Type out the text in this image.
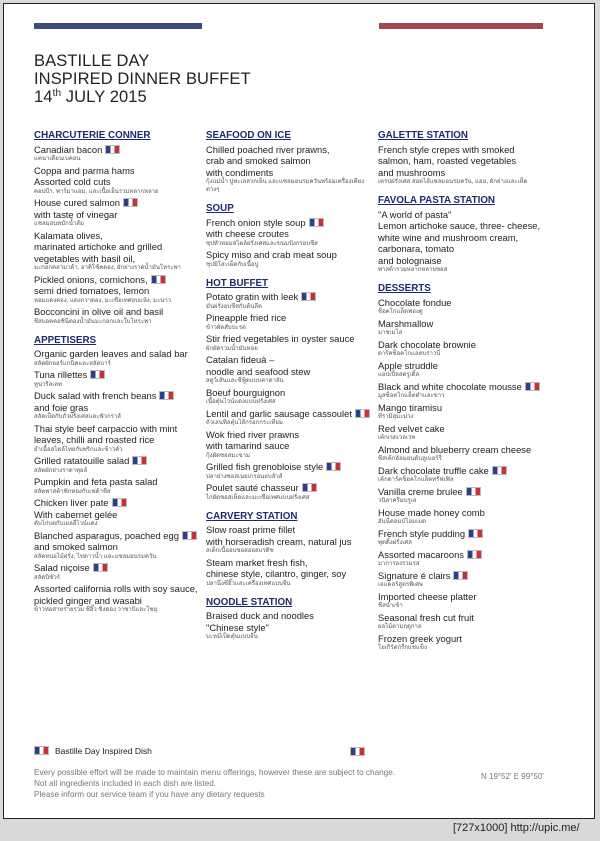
BASTILLE DAY
INSPIRED DINNER BUFFET
14th JULY 2015
CHARCUTERIE CONNER
Canadian bacon
แคนาเดียนเบคอน
Coppa and parma hams
Assorted cold cuts
คอปป้า, พาร์มาแฮม, และเนื้อเย็นรวมหลากหลาย
House cured salmon
with taste of vinegar
แซลมอนหมักน้ำส้ม
Kalamata olives,
marinated artichoke and grilled
vegetables with basil oil,
มะกอกคลามาต้า, อาติโช้คดอง, ผักย่างราดน้ำมันโหระพา
Pickled onions, cornichons,
semi dried tomatoes, lemon
หอมแดงดอง, แตงกวาดอง, มะเขือเทศอบแห้ง, มะนาว
Bocconcini in olive oil and basil
ชีสบอคคอชินีดองน้ำมันมะกอกและใบโหระพา
APPETISERS
Organic garden leaves and salad bar
สลัดผักออร์แกนิคและสลัดบาร์
Tuna rillettes
ทูน่าริลเลท
Duck salad with french beans
and foie gras
สลัดเป็ดกับถั่วฝรั่งเศสและฟัวกราส์
Thai style beef carpaccio with mint
leaves, chilli and roasted rice
ยำเนื้อสไตล์ไทยกับพริกและข้าวคั่ว
Grilled ratatouille salad
สลัดผักย่างราตาทุยล์
Pumpkin and feta pasta salad
สลัดพาสต้าฟักทองกับเฟต้าชีส
Chicken liver pate
With cabernet gelée
ตับไก่บดกับเยลลี่ไวน์แดง
Blanched asparagus, poached egg
and smoked salmon
สลัดหน่อไม้ฝรั่ง, ไข่ดาวน้ำ และแซลมอนรมควัน
Salad niçoise
สลัดนิซัวร์
Assorted california rolls with soy sauce,
pickled ginger and wasabi
ข้าวห่อสาหร่ายรวม ซีอิ๊ว ขิงดอง วาซาบิและโชยุ
SEAFOOD ON ICE
Chilled poached river prawns,
crab and smoked salmon
with condiments
กุ้งแม่น้ำ ปูทะเลลวกเย็น และแซลมอนรมควันพร้อมเครื่องเคียงต่างๆ
SOUP
French onion style soup
with cheese croutes
ซุปหัวหอมสไตล์ฝรั่งเศสและขนมปังกรอบชีส
Spicy miso and crab meat soup
ซุปมิโสะเผ็ดกับเนื้อปู
HOT BUFFET
Potato gratin with leek
มันฝรั่งอบชีสกับต้นลีค
Pineapple fried rice
ข้าวผัดสับปะรด
Stir fried vegetables in oyster sauce
ผักผัดรวมน้ำมันหอย
Catalan fideuà –
noodle and seafood stew
สตูว์เส้นและซีฟู้ดแบบคาตาลัน
Boeuf bourguignon
เนื้อตุ๋นไวน์แดงแบบฝรั่งเศส
Lentil and garlic sausage cassoulet
ถั่วเลนทิลตุ๋นไส้กรอกกระเทียม
Wok fried river prawns
with tamarind sauce
กุ้งผัดซอสมะขาม
Grilled fish grenobloise style
ปลาย่างซอสเนยเกรอนอบลัวส์
Poulet sauté chasseur
ไก่ผัดซอสเห็ดและมะเขือเทศแบบฝรั่งเศส
CARVERY STATION
Slow roast prime fillet
with horseradish cream, natural jus
สเต็กเนื้ออบซอสฮอสแรดิช
Steam market fresh fish,
chinese style, cilantro, ginger, soy
ปลานึ่งซีอิ๊วและเครื่องเทศแบบจีน
NOODLE STATION
Braised duck and noodles
"Chinese style"
บะหมี่เป็ดตุ๋นแบบจีน
GALETTE STATION
French style crepes with smoked
salmon, ham, roasted vegetables
and mushrooms
เครปฝรั่งเศส สอดไส้แซลมอนรมควัน, แฮม, ผักย่างและเห็ด
FAVOLA PASTA STATION
"A world of pasta"
Lemon artichoke sauce, three- cheese,
white wine and mushroom cream,
carbonara, tomato
and bolognaise
พาสต้ารวมหลากหลายซอส
DESSERTS
Chocolate fondue
ช็อคโกแล็ตฟองดู
Marshmallow
มาชเมโล่
Dark chocolate brownie
ดาร์คช็อคโกแลตบราวนี่
Apple struddle
แอปเปิ้ลสตรูเดิ้ล
Black and white chocolate mousse
มูสช็อคโกแล็ตดำและขาว
Mango tiramisu
ทีรามิสุมะม่วง
Red velvet cake
เค้กเรดเวลเวท
Almond and blueberry cream cheese
ชีสเค้กอัลมอนด์บลูเบอร์รี่
Dark chocolate truffle cake
เค้กดาร์คช็อคโกแล็ตทรัฟเฟิล
Vanilla creme brulee
วนิลาครีมบรูเล
House made honey comb
ฮันนี่คอมบ์โฮมเมด
French style pudding
พุดดิ้งฝรั่งเศส
Assorted macaroons
มาการองรวมรส
Signature é clairs
เอแคลร์สูตรพิเศษ
Imported cheese platter
ชีสนำเข้า
Seasonal fresh cut fruit
ผลไม้ตามฤดูกาล
Frozen greek yogurt
โยเกิร์ตกรีกแช่แข็ง
Bastille Day Inspired Dish
Every possible effort will be made to maintain menu offerings, however these are subject to change.
Not all ingredients included in each dish are listed.
Please inform our service team if you have any dietary requests
N 19°52' E 99°50'
[727x1000] http://upic.me/
